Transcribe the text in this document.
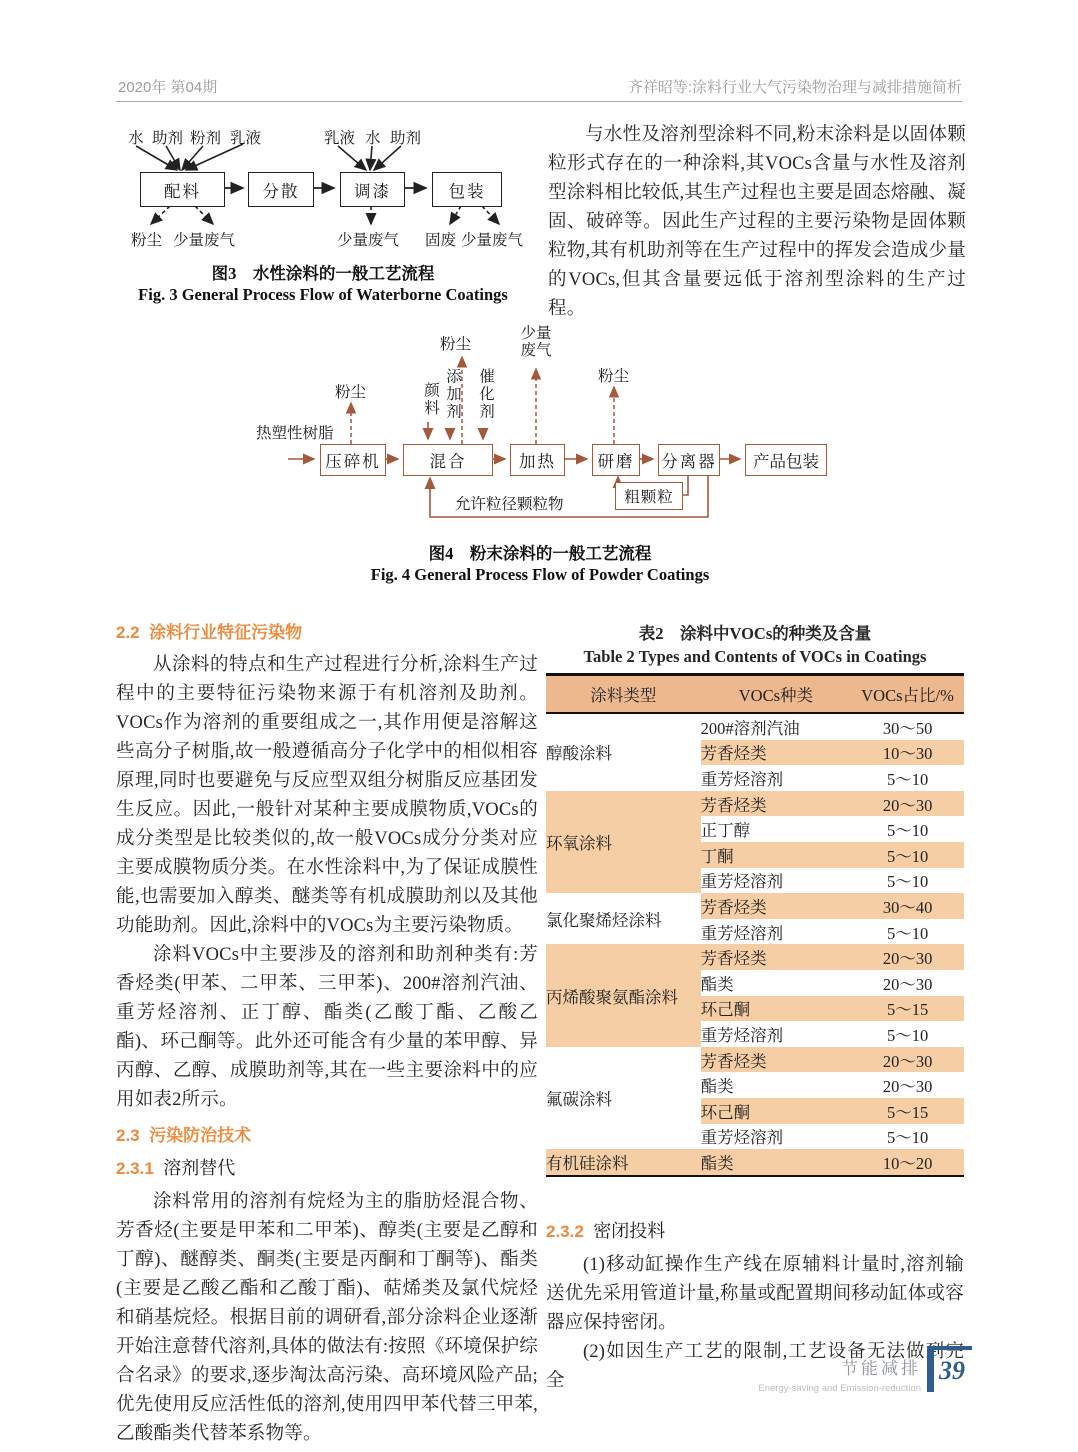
2020年 第04期	齐祥昭等:涂料行业大气污染物治理与减排措施简析
水 助剂 粉剂 乳液	乳液 水 助剂
配料	分散	调漆	包装
粉尘 少量废气	少量废气 固废 少量废气
图3　水性涂料的一般工艺流程
Fig. 3 General Process Flow of Waterborne Coatings

与水性及溶剂型涂料不同,粉末涂料是以固体颗粒形式存在的一种涂料,其VOCs含量与水性及溶剂型涂料相比较低,其生产过程也主要是固态熔融、凝固、破碎等。因此生产过程的主要污染物是固体颗粒物,其有机助剂等在生产过程中的挥发会造成少量的VOCs,但其含量要远低于溶剂型涂料的生产过程。

热塑性树脂
压碎机	混合	加热	研磨	分离器	产品包装
粗颗粒
颜料 添加剂 催化剂
粉尘
粉尘
少量废气
粉尘
允许粒径颗粒物
图4　粉末涂料的一般工艺流程
Fig. 4 General Process Flow of Powder Coatings
2.2 涂料行业特征污染物

从涂料的特点和生产过程进行分析,涂料生产过程中的主要特征污染物来源于有机溶剂及助剂。VOCs作为溶剂的重要组成之一,其作用便是溶解这些高分子树脂,故一般遵循高分子化学中的相似相容原理,同时也要避免与反应型双组分树脂反应基团发生反应。因此,一般针对某种主要成膜物质,VOCs的成分类型是比较类似的,故一般VOCs成分分类对应主要成膜物质分类。在水性涂料中,为了保证成膜性能,也需要加入醇类、醚类等有机成膜助剂以及其他功能助剂。因此,涂料中的VOCs为主要污染物质。

涂料VOCs中主要涉及的溶剂和助剂种类有:芳香烃类(甲苯、二甲苯、三甲苯)、200#溶剂汽油、重芳烃溶剂、正丁醇、酯类(乙酸丁酯、乙酸乙酯)、环己酮等。此外还可能含有少量的苯甲醇、异丙醇、乙醇、成膜助剂等,其在一些主要涂料中的应用如表2所示。

2.3 污染防治技术
2.3.1 溶剂替代

涂料常用的溶剂有烷烃为主的脂肪烃混合物、芳香烃(主要是甲苯和二甲苯)、醇类(主要是乙醇和丁醇)、醚醇类、酮类(主要是丙酮和丁酮等)、酯类(主要是乙酸乙酯和乙酸丁酯)、萜烯类及氯代烷烃和硝基烷烃。根据目前的调研看,部分涂料企业逐渐开始注意替代溶剂,具体的做法有:按照《环境保护综合名录》的要求,逐步淘汰高污染、高环境风险产品;优先使用反应活性低的溶剂,使用四甲苯代替三甲苯,乙酸酯类代替苯系物等。

表2　涂料中VOCs的种类及含量
Table 2 Types and Contents of VOCs in Coatings
涂料类型	VOCs种类	VOCs占比/%
醇酸涂料	200#溶剂汽油	30～50
	芳香烃类	10～30
	重芳烃溶剂	5～10
环氧涂料	芳香烃类	20～30
	正丁醇	5～10
	丁酮	5～10
	重芳烃溶剂	5～10
氯化聚烯烃涂料	芳香烃类	30～40
	重芳烃溶剂	5～10
丙烯酸聚氨酯涂料	芳香烃类	20～30
	酯类	20～30
	环己酮	5～15
	重芳烃溶剂	5～10
氟碳涂料	芳香烃类	20～30
	酯类	20～30
	环己酮	5～15
	重芳烃溶剂	5～10
有机硅涂料	酯类	10～20
2.3.2 密闭投料

(1)移动缸操作生产线在原辅料计量时,溶剂输送优先采用管道计量,称量或配置期间移动缸体或容器应保持密闭。

(2)如因生产工艺的限制,工艺设备无法做到完全

节能减排
Energy-saving and Emission-reduction
39
